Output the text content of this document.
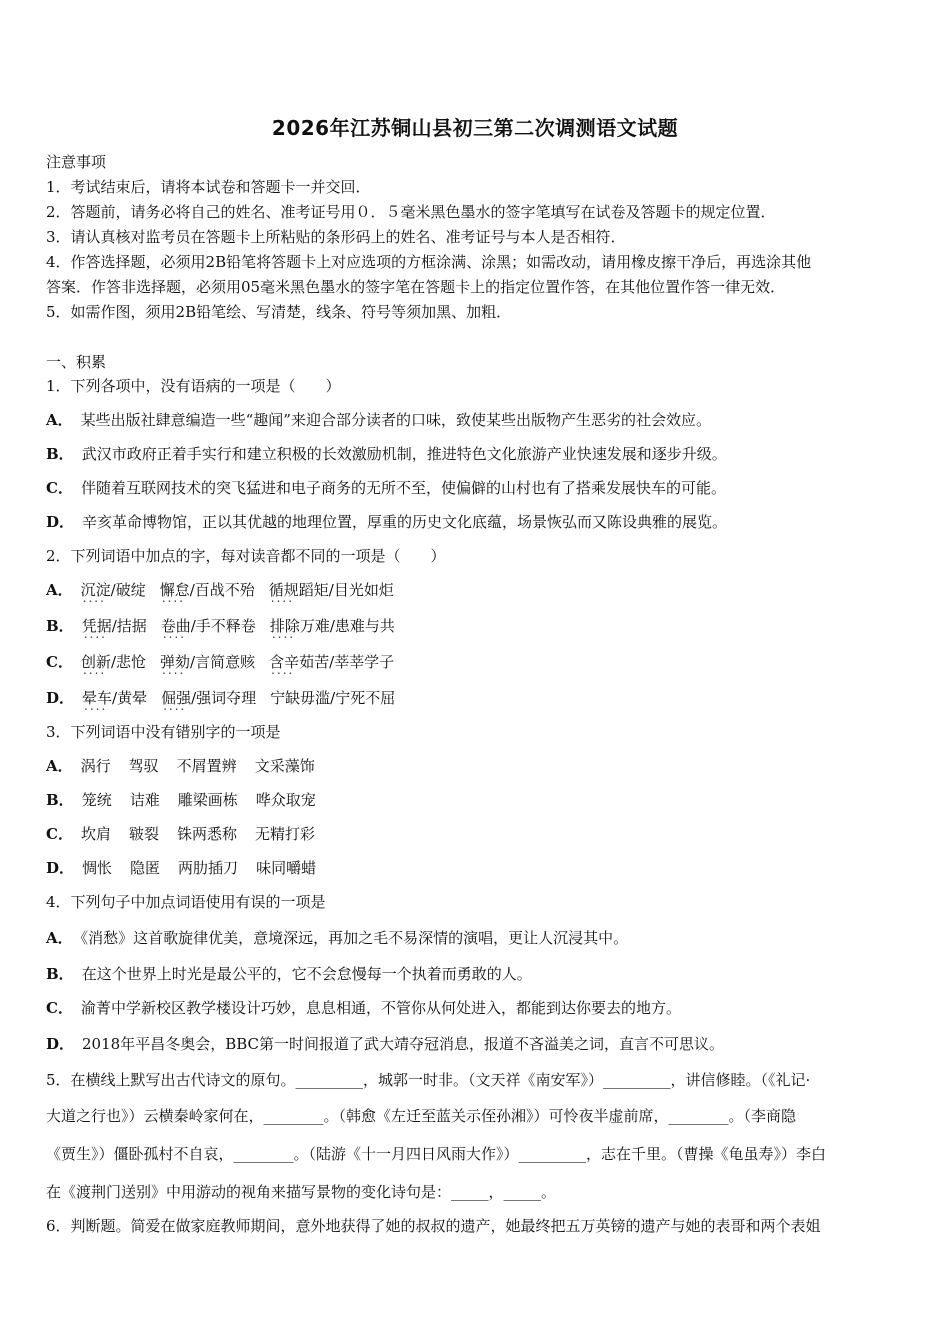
2026年江苏铜山县初三第二次调测语文试题
注意事项
1．考试结束后，请将本试卷和答题卡一并交回．
2．答题前，请务必将自己的姓名、准考证号用０．５毫米黑色墨水的签字笔填写在试卷及答题卡的规定位置．
3．请认真核对监考员在答题卡上所粘贴的条形码上的姓名、准考证号与本人是否相符．
4．作答选择题，必须用2B铅笔将答题卡上对应选项的方框涂满、涂黑；如需改动，请用橡皮擦干净后，再选涂其他
答案．作答非选择题，必须用05毫米黑色墨水的签字笔在答题卡上的指定位置作答，在其他位置作答一律无效．
5．如需作图，须用2B铅笔绘、写清楚，线条、符号等须加黑、加粗．
一、积累
1．下列各项中，没有语病的一项是（　　）
A． 某些出版社肆意编造一些“趣闻”来迎合部分读者的口味，致使某些出版物产生恶劣的社会效应。
B． 武汉市政府正着手实行和建立积极的长效激励机制，推进特色文化旅游产业快速发展和逐步升级。
C． 伴随着互联网技术的突飞猛进和电子商务的无所不至，使偏僻的山村也有了搭乘发展快车的可能。
D． 辛亥革命博物馆，正以其优越的地理位置，厚重的历史文化底蕴，场景恢弘而又陈设典雅的展览。
2．下列词语中加点的字，每对读音都不同的一项是（　　）
A． 沉淀/破绽 .... 懈怠/百战不殆 .... 循规蹈矩/目光如炬 ....
B． 凭据/拮据 .... 卷曲/手不释卷 .... 排除万难/患难与共 ....
C． 创新/悲怆 .... 弹劾/言简意赅 .... 含辛茹苦/莘莘学子 ....
D． 晕车/黄晕 .... 倔强/强词夺理 .... 宁缺毋滥/宁死不屈
3．下列词语中没有错别字的一项是
A． 涡行 驾驭 不屑置辨 文采藻饰
B． 笼统 诘难 雕梁画栋 哗众取宠
C． 坎肩 皲裂 铢两悉称 无精打彩
D． 惆怅 隐匿 两肋插刀 味同嚼蜡
4．下列句子中加点词语使用有误的一项是
A． 《消愁》这首歌旋律优美，意境深远，再加之毛不易深情的演唱，更让人沉浸其中。
B． 在这个世界上时光是最公平的，它不会怠慢每一个执着而勇敢的人。
C． 渝菁中学新校区教学楼设计巧妙，息息相通，不管你从何处进入，都能到达你要去的地方。
D． 2018年平昌冬奥会，BBC第一时间报道了武大靖夺冠消息，报道不吝溢美之词，直言不可思议。
5．在横线上默写出古代诗文的原句。_________，城郭一时非。（文天祥《南安军》）_________，讲信修睦。（《礼记·
大道之行也》）云横秦岭家何在，________。（韩愈《左迁至蓝关示侄孙湘》）可怜夜半虚前席，________。（李商隐
《贾生》）僵卧孤村不自哀，________。（陆游《十一月四日风雨大作》）_________，志在千里。（曹操《龟虽寿》）李白
在《渡荆门送别》中用游动的视角来描写景物的变化诗句是：_____，_____。
6．判断题。简爱在做家庭教师期间，意外地获得了她的叔叔的遗产，她最终把五万英镑的遗产与她的表哥和两个表姐
